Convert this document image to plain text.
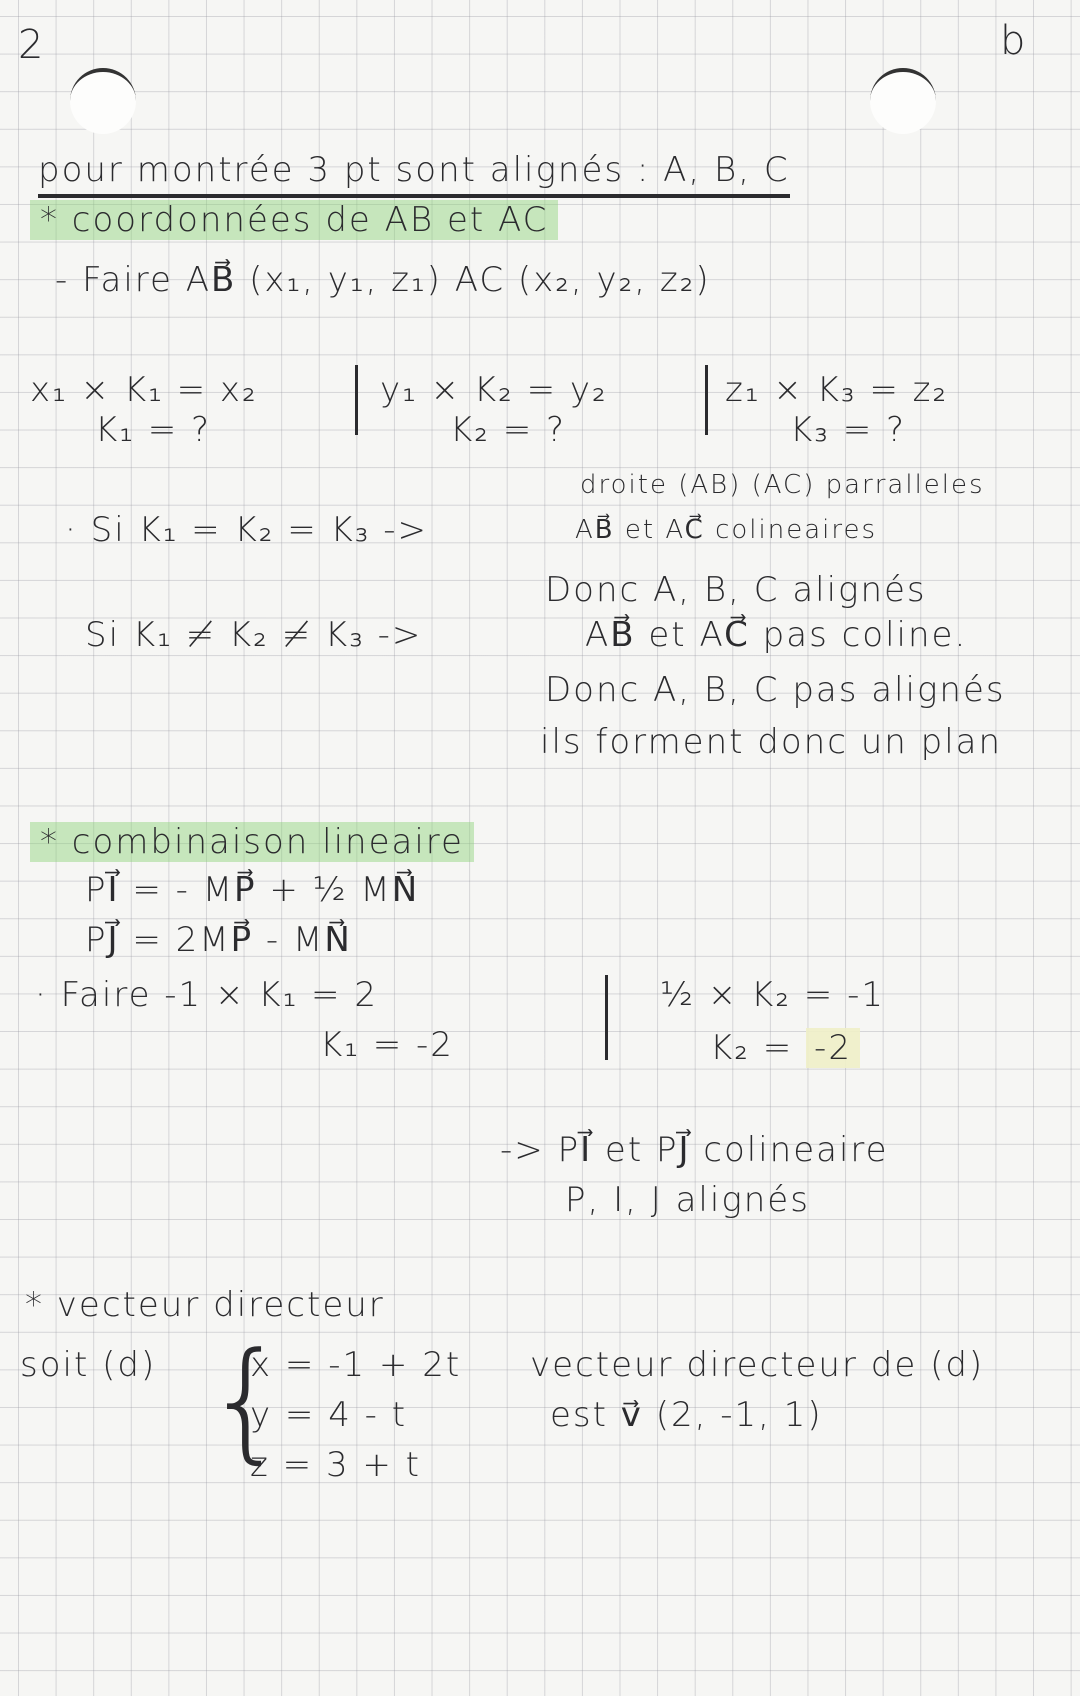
2	b
pour montrée 3 pt sont alignés : A, B, C
* coordonnées de AB et AC
- Faire AB⃗ (x₁, y₁, z₁) AC (x₂, y₂, z₂)
x₁ × K₁ = x₂
K₁ = ?
y₁ × K₂ = y₂
K₂ = ?
z₁ × K₃ = z₂
K₃ = ?
droite (AB) (AC) parralleles
· Si K₁ = K₂ = K₃ ->	AB⃗ et AC⃗ colineaires
Donc A, B, C alignés
Si K₁ ≠ K₂ ≠ K₃ ->	AB⃗ et AC⃗ pas coline.
Donc A, B, C pas alignés
ils forment donc un plan
* combinaison lineaire
PI⃗ = - MP⃗ + ½ MN⃗
PJ⃗ = 2MP⃗ - MN⃗
· Faire -1 × K₁ = 2
K₁ = -2
½ × K₂ = -1
K₂ = -2
-> PI⃗ et PJ⃗ colineaire
P, I, J alignés
* vecteur directeur
soit (d) {
x = -1 + 2t
y = 4 - t
z = 3 + t
vecteur directeur de (d)
est v⃗ (2, -1, 1)
